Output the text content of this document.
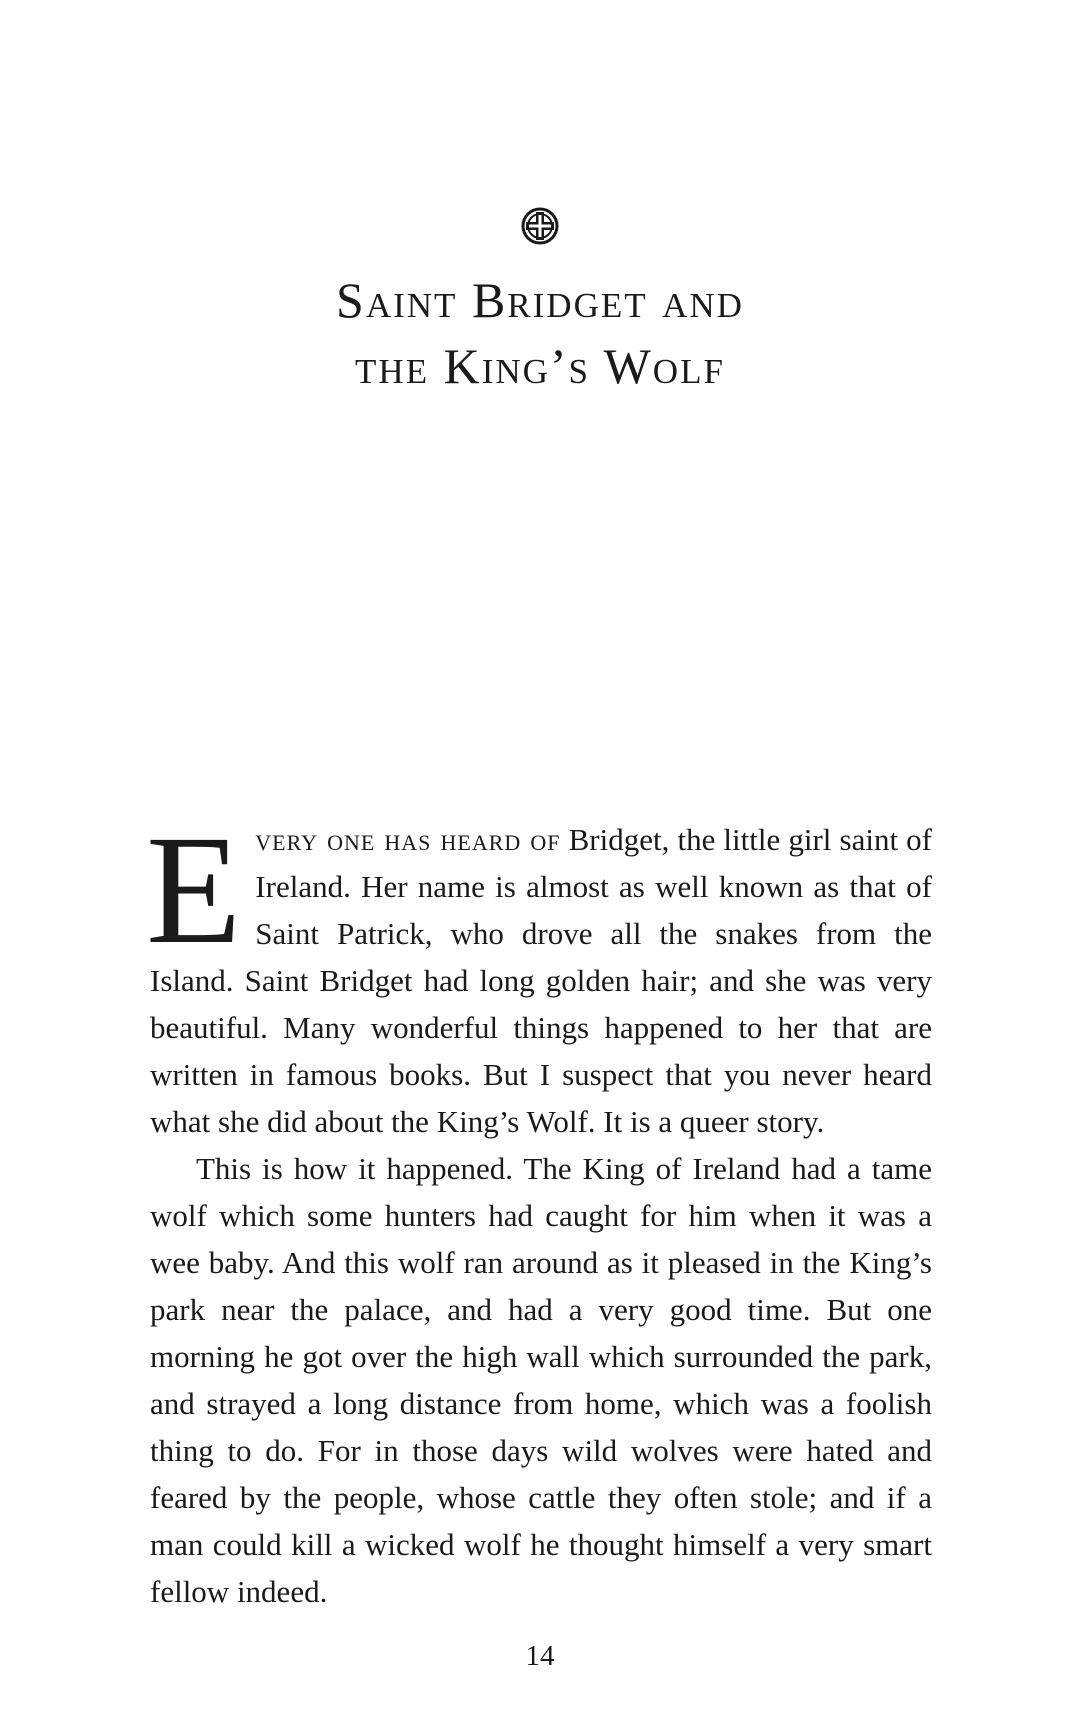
Saint Bridget and
the King’s Wolf

Every one has heard of Bridget, the little girl saint of Ireland. Her name is almost as well known as that of Saint Patrick, who drove all the snakes from the Island. Saint Bridget had long golden hair; and she was very beautiful. Many wonderful things happened to her that are written in famous books. But I suspect that you never heard what she did about the King’s Wolf. It is a queer story.

This is how it happened. The King of Ireland had a tame wolf which some hunters had caught for him when it was a wee baby. And this wolf ran around as it pleased in the King’s park near the palace, and had a very good time. But one morning he got over the high wall which surrounded the park, and strayed a long distance from home, which was a foolish thing to do. For in those days wild wolves were hated and feared by the people, whose cattle they often stole; and if a man could kill a wicked wolf he thought himself a very smart fellow indeed.

14
